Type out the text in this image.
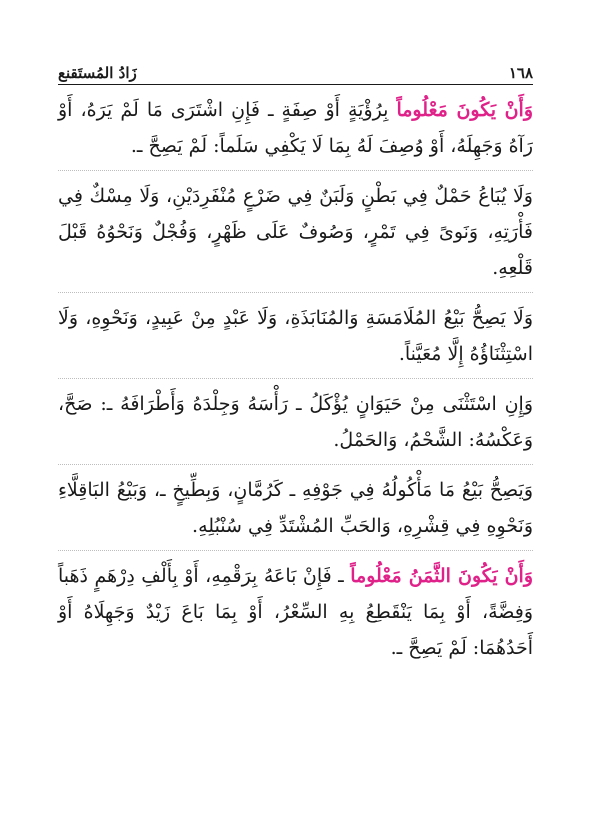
١٦٨
زَادُ المُستَقنع

وَأَنْ يَكُونَ مَعْلُوماً بِرُؤْيَةٍ أَوْ صِفَةٍ ـ فَإِنِ اشْتَرَى مَا لَمْ يَرَهُ، أَوْ رَآهُ وَجَهِلَهُ، أَوْ وُصِفَ لَهُ بِمَا لَا يَكْفِي سَلَماً: لَمْ يَصِحَّ ـ.

وَلَا يُبَاعُ حَمْلٌ فِي بَطْنٍ وَلَبَنٌ فِي ضَرْعٍ مُنْفَرِدَيْنِ، وَلَا مِسْكٌ فِي فَأْرَتِهِ، وَنَوىً فِي تَمْرٍ، وَصُوفٌ عَلَى ظَهْرٍ، وَفُجْلٌ وَنَحْوُهُ قَبْلَ قَلْعِهِ.

وَلَا يَصِحُّ بَيْعُ المُلَامَسَةِ وَالمُنَابَذَةِ، وَلَا عَبْدٍ مِنْ عَبِيدٍ، وَنَحْوِهِ، وَلَا اسْتِثْنَاؤُهُ إِلَّا مُعَيَّناً.

وَإِنِ اسْتَثْنَى مِنْ حَيَوَانٍ يُؤْكَلُ ـ رَأْسَهُ وَجِلْدَهُ وَأَطْرَافَهُ ـ: صَحَّ، وَعَكْسُهُ: الشَّحْمُ، وَالحَمْلُ.

وَيَصِحُّ بَيْعُ مَا مَأْكُولُهُ فِي جَوْفِهِ ـ كَرُمَّانٍ، وَبِطِّيخٍ ـ، وَبَيْعُ البَاقِلَّاءِ وَنَحْوِهِ فِي قِشْرِهِ، وَالحَبِّ المُشْتَدِّ فِي سُنْبُلِهِ.

وَأَنْ يَكُونَ الثَّمَنُ مَعْلُوماً ـ فَإِنْ بَاعَهُ بِرَقْمِهِ، أَوْ بِأَلْفِ دِرْهَمٍ ذَهَباً وَفِضَّةً، أَوْ بِمَا يَنْقَطِعُ بِهِ السِّعْرُ، أَوْ بِمَا بَاعَ زَيْدٌ وَجَهِلَاهُ أَوْ أَحَدُهُمَا: لَمْ يَصِحَّ ـ.
